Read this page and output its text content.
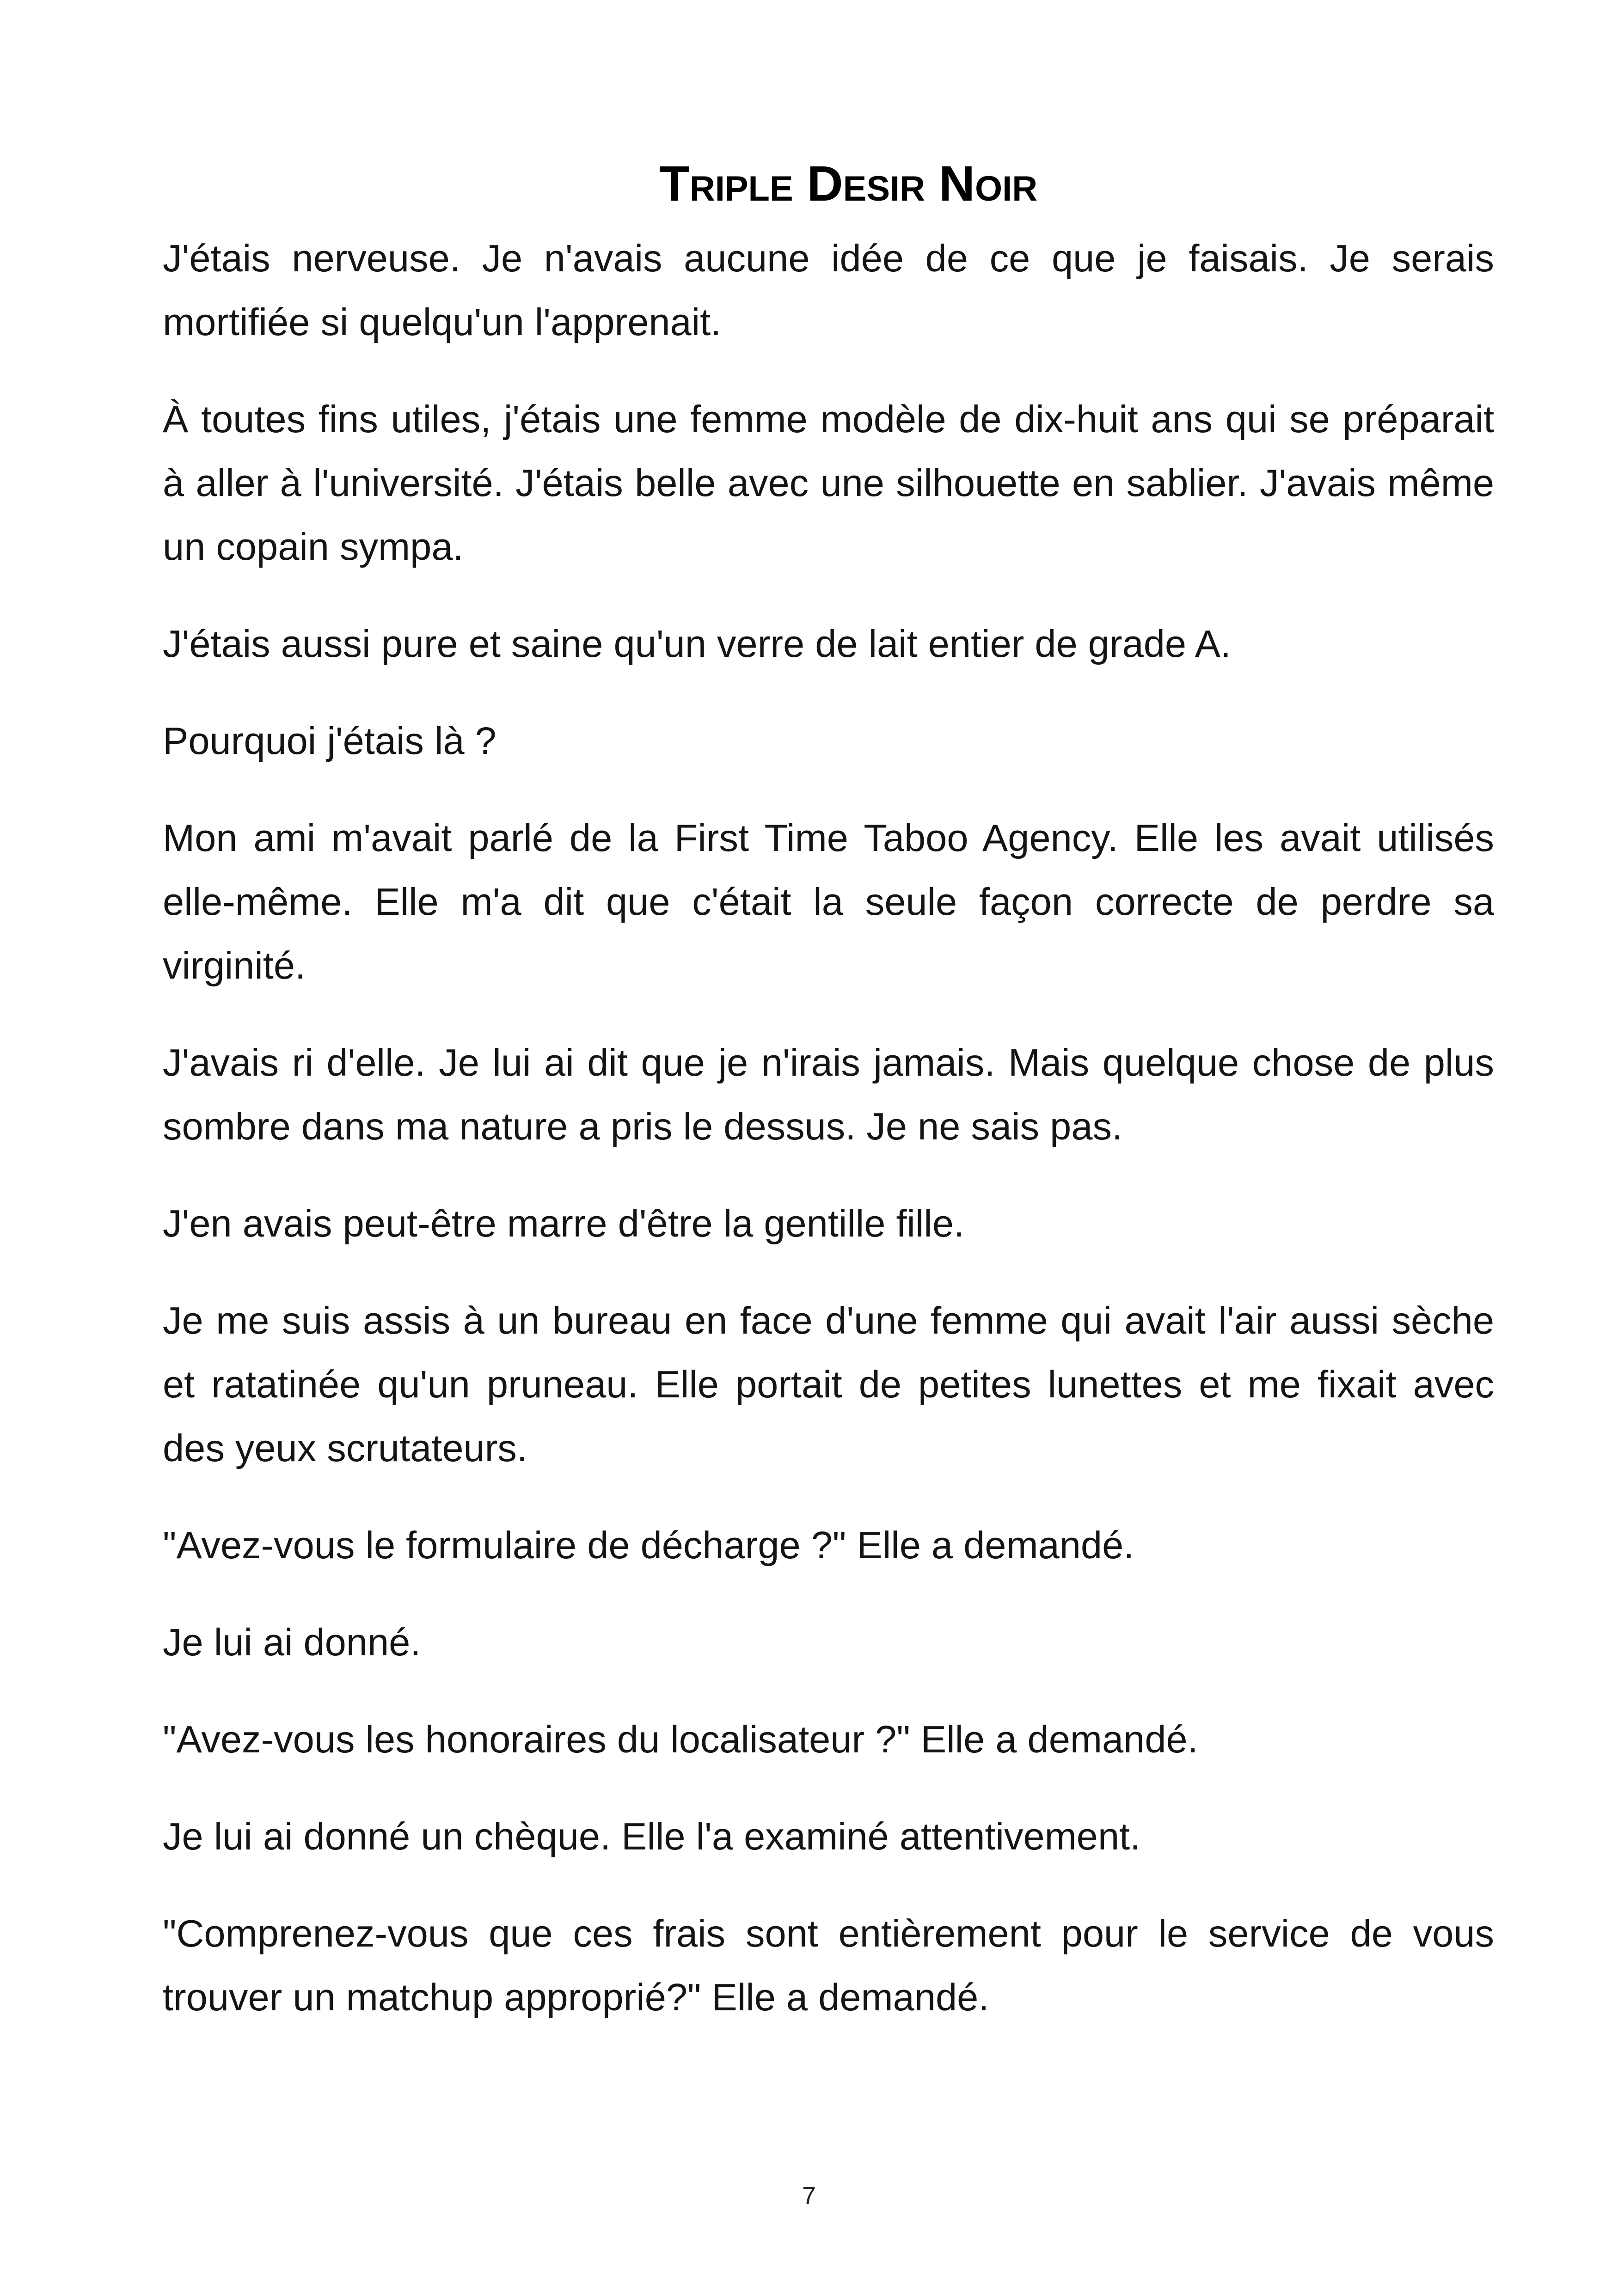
Triple Desir Noir

J'étais nerveuse. Je n'avais aucune idée de ce que je faisais. Je serais mortifiée si quelqu'un l'apprenait.

À toutes fins utiles, j'étais une femme modèle de dix-huit ans qui se préparait à aller à l'université. J'étais belle avec une silhouette en sablier. J'avais même un copain sympa.

J'étais aussi pure et saine qu'un verre de lait entier de grade A.

Pourquoi j'étais là ?

Mon ami m'avait parlé de la First Time Taboo Agency. Elle les avait utilisés elle-même. Elle m'a dit que c'était la seule façon correcte de perdre sa virginité.

J'avais ri d'elle. Je lui ai dit que je n'irais jamais. Mais quelque chose de plus sombre dans ma nature a pris le dessus. Je ne sais pas.

J'en avais peut-être marre d'être la gentille fille.

Je me suis assis à un bureau en face d'une femme qui avait l'air aussi sèche et ratatinée qu'un pruneau. Elle portait de petites lunettes et me fixait avec des yeux scrutateurs.

"Avez-vous le formulaire de décharge ?" Elle a demandé.

Je lui ai donné.

"Avez-vous les honoraires du localisateur ?" Elle a demandé.

Je lui ai donné un chèque. Elle l'a examiné attentivement.

"Comprenez-vous que ces frais sont entièrement pour le service de vous trouver un matchup approprié?" Elle a demandé.

7
